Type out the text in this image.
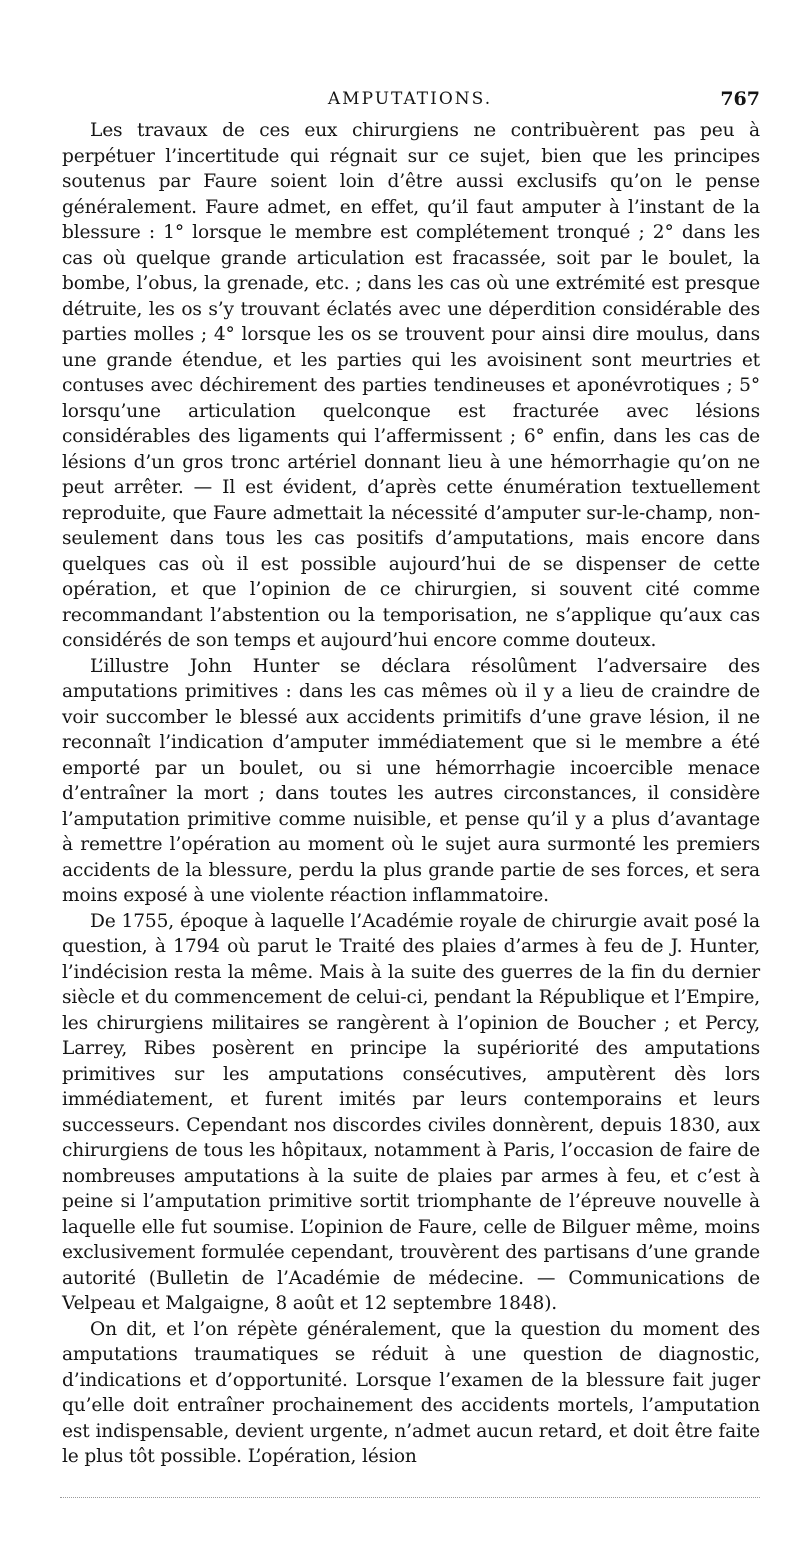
AMPUTATIONS.	767

Les travaux de ces eux chirurgiens ne contribuèrent pas peu à perpétuer l’incertitude qui régnait sur ce sujet, bien que les principes soutenus par Faure soient loin d’être aussi exclusifs qu’on le pense généralement. Faure admet, en effet, qu’il faut amputer à l’instant de la blessure : 1° lorsque le membre est complétement tronqué ; 2° dans les cas où quelque grande articulation est fracassée, soit par le boulet, la bombe, l’obus, la grenade, etc. ; dans les cas où une extrémité est presque détruite, les os s’y trouvant éclatés avec une déperdition considérable des parties molles ; 4° lorsque les os se trouvent pour ainsi dire moulus, dans une grande étendue, et les parties qui les avoisinent sont meurtries et contuses avec déchirement des parties tendineuses et aponévrotiques ; 5° lorsqu’une articulation quelconque est fracturée avec lésions considérables des ligaments qui l’affermissent ; 6° enfin, dans les cas de lésions d’un gros tronc artériel donnant lieu à une hémorrhagie qu’on ne peut arrêter. — Il est évident, d’après cette énumération textuellement reproduite, que Faure admettait la nécessité d’amputer sur-le-champ, non-seulement dans tous les cas positifs d’amputations, mais encore dans quelques cas où il est possible aujourd’hui de se dispenser de cette opération, et que l’opinion de ce chirurgien, si souvent cité comme recommandant l’abstention ou la temporisation, ne s’applique qu’aux cas considérés de son temps et aujourd’hui encore comme douteux.

L’illustre John Hunter se déclara résolûment l’adversaire des amputations primitives : dans les cas mêmes où il y a lieu de craindre de voir succomber le blessé aux accidents primitifs d’une grave lésion, il ne reconnaît l’indication d’amputer immédiatement que si le membre a été emporté par un boulet, ou si une hémorrhagie incoercible menace d’entraîner la mort ; dans toutes les autres circonstances, il considère l’amputation primitive comme nuisible, et pense qu’il y a plus d’avantage à remettre l’opération au moment où le sujet aura surmonté les premiers accidents de la blessure, perdu la plus grande partie de ses forces, et sera moins exposé à une violente réaction inflammatoire.

De 1755, époque à laquelle l’Académie royale de chirurgie avait posé la question, à 1794 où parut le Traité des plaies d’armes à feu de J. Hunter, l’indécision resta la même. Mais à la suite des guerres de la fin du dernier siècle et du commencement de celui-ci, pendant la République et l’Empire, les chirurgiens militaires se rangèrent à l’opinion de Boucher ; et Percy, Larrey, Ribes posèrent en principe la supériorité des amputations primitives sur les amputations consécutives, amputèrent dès lors immédiatement, et furent imités par leurs contemporains et leurs successeurs. Cependant nos discordes civiles donnèrent, depuis 1830, aux chirurgiens de tous les hôpitaux, notamment à Paris, l’occasion de faire de nombreuses amputations à la suite de plaies par armes à feu, et c’est à peine si l’amputation primitive sortit triomphante de l’épreuve nouvelle à laquelle elle fut soumise. L’opinion de Faure, celle de Bilguer même, moins exclusivement formulée cependant, trouvèrent des partisans d’une grande autorité (Bulletin de l’Académie de médecine. — Communications de Velpeau et Malgaigne, 8 août et 12 septembre 1848).

On dit, et l’on répète généralement, que la question du moment des amputations traumatiques se réduit à une question de diagnostic, d’indications et d’opportunité. Lorsque l’examen de la blessure fait juger qu’elle doit entraîner prochainement des accidents mortels, l’amputation est indispensable, devient urgente, n’admet aucun retard, et doit être faite le plus tôt possible. L’opération, lésion
